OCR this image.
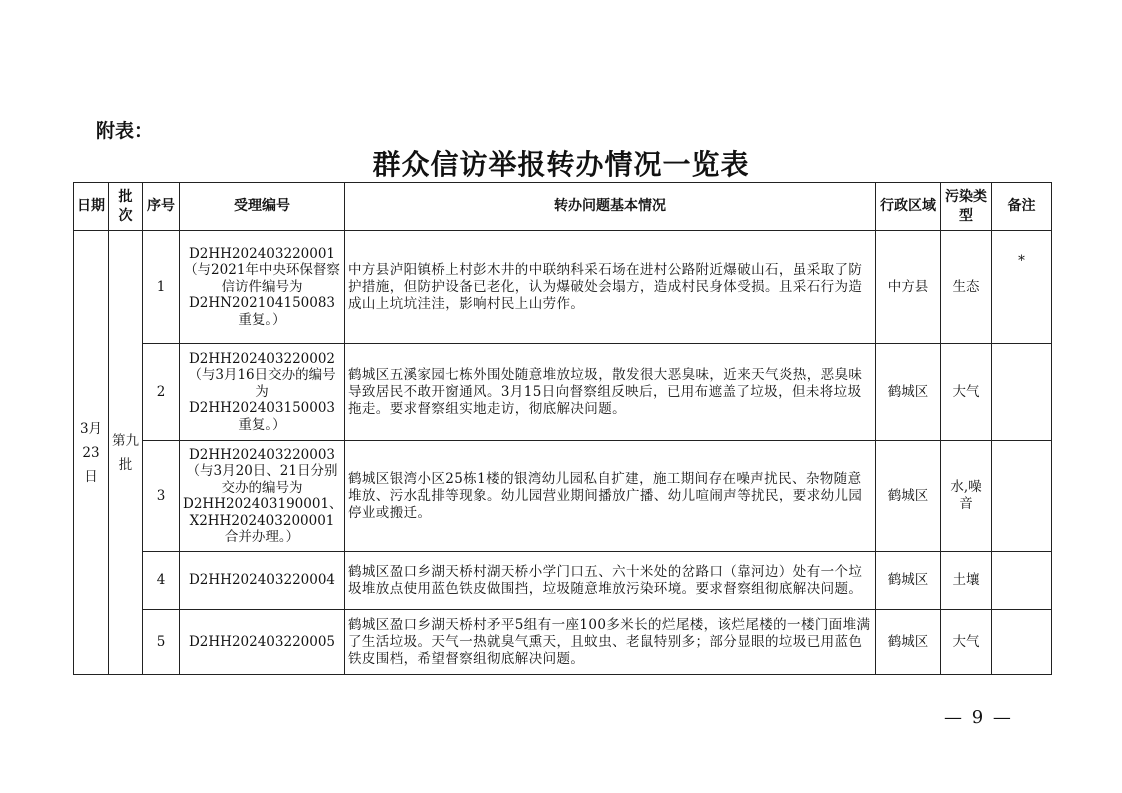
附表：
群众信访举报转办情况一览表
日期	批次	序号	受理编号	转办问题基本情况	行政区域	污染类型	备注

3月23日	第九批	1	D2HH202403220001（与2021年中央环保督察信访件编号为D2HN202104150083重复。）	中方县泸阳镇桥上村彭木井的中联纳科采石场在进村公路附近爆破山石，虽采取了防护措施，但防护设备已老化，认为爆破处会塌方，造成村民身体受损。且采石行为造成山上坑坑洼洼，影响村民上山劳作。	中方县	生态	*
		2	D2HH202403220002（与3月16日交办的编号为D2HH202403150003重复。）	鹤城区五溪家园七栋外围处随意堆放垃圾，散发很大恶臭味，近来天气炎热，恶臭味导致居民不敢开窗通风。3月15日向督察组反映后，已用布遮盖了垃圾，但未将垃圾拖走。要求督察组实地走访，彻底解决问题。	鹤城区	大气	
		3	D2HH202403220003（与3月20日、21日分别交办的编号为D2HH202403190001、X2HH202403200001合并办理。）	鹤城区银湾小区25栋1楼的银湾幼儿园私自扩建，施工期间存在噪声扰民、杂物随意堆放、污水乱排等现象。幼儿园营业期间播放广播、幼儿喧闹声等扰民，要求幼儿园停业或搬迁。	鹤城区	水,噪音	
		4	D2HH202403220004	鹤城区盈口乡湖天桥村湖天桥小学门口五、六十米处的岔路口（靠河边）处有一个垃圾堆放点使用蓝色铁皮做围挡，垃圾随意堆放污染环境。要求督察组彻底解决问题。	鹤城区	土壤	
		5	D2HH202403220005	鹤城区盈口乡湖天桥村矛平5组有一座100多米长的烂尾楼，该烂尾楼的一楼门面堆满了生活垃圾。天气一热就臭气熏天，且蚊虫、老鼠特别多；部分显眼的垃圾已用蓝色铁皮围档，希望督察组彻底解决问题。	鹤城区	大气	
— 9 —
